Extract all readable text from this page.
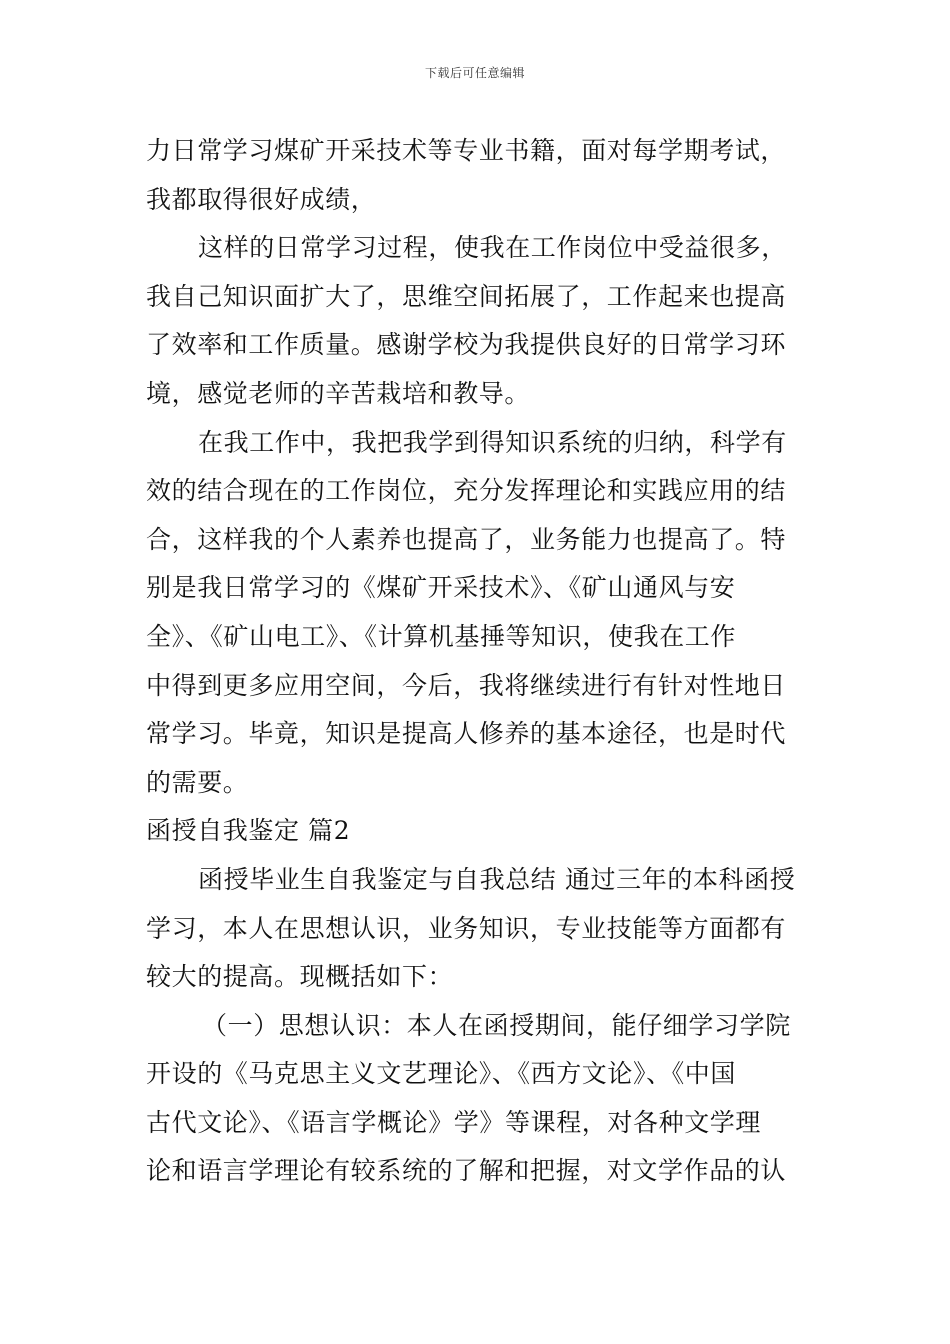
下载后可任意编辑
力日常学习煤矿开采技术等专业书籍，面对每学期考试，
我都取得很好成绩，
这样的日常学习过程，使我在工作岗位中受益很多，
我自己知识面扩大了，思维空间拓展了，工作起来也提高
了效率和工作质量。感谢学校为我提供良好的日常学习环
境，感觉老师的辛苦栽培和教导。
在我工作中，我把我学到得知识系统的归纳，科学有
效的结合现在的工作岗位，充分发挥理论和实践应用的结
合，这样我的个人素养也提高了，业务能力也提高了。特
别是我日常学习的《煤矿开采技术》、《矿山通风与安
全》、《矿山电工》、《计算机基捶等知识，使我在工作
中得到更多应用空间，今后，我将继续进行有针对性地日
常学习。毕竟，知识是提高人修养的基本途径，也是时代
的需要。
函授自我鉴定 篇2
函授毕业生自我鉴定与自我总结 通过三年的本科函授
学习，本人在思想认识，业务知识，专业技能等方面都有
较大的提高。现概括如下：
（一）思想认识：本人在函授期间，能仔细学习学院
开设的《马克思主义文艺理论》、《西方文论》、《中国
古代文论》、《语言学概论》学》等课程，对各种文学理
论和语言学理论有较系统的了解和把握，对文学作品的认
